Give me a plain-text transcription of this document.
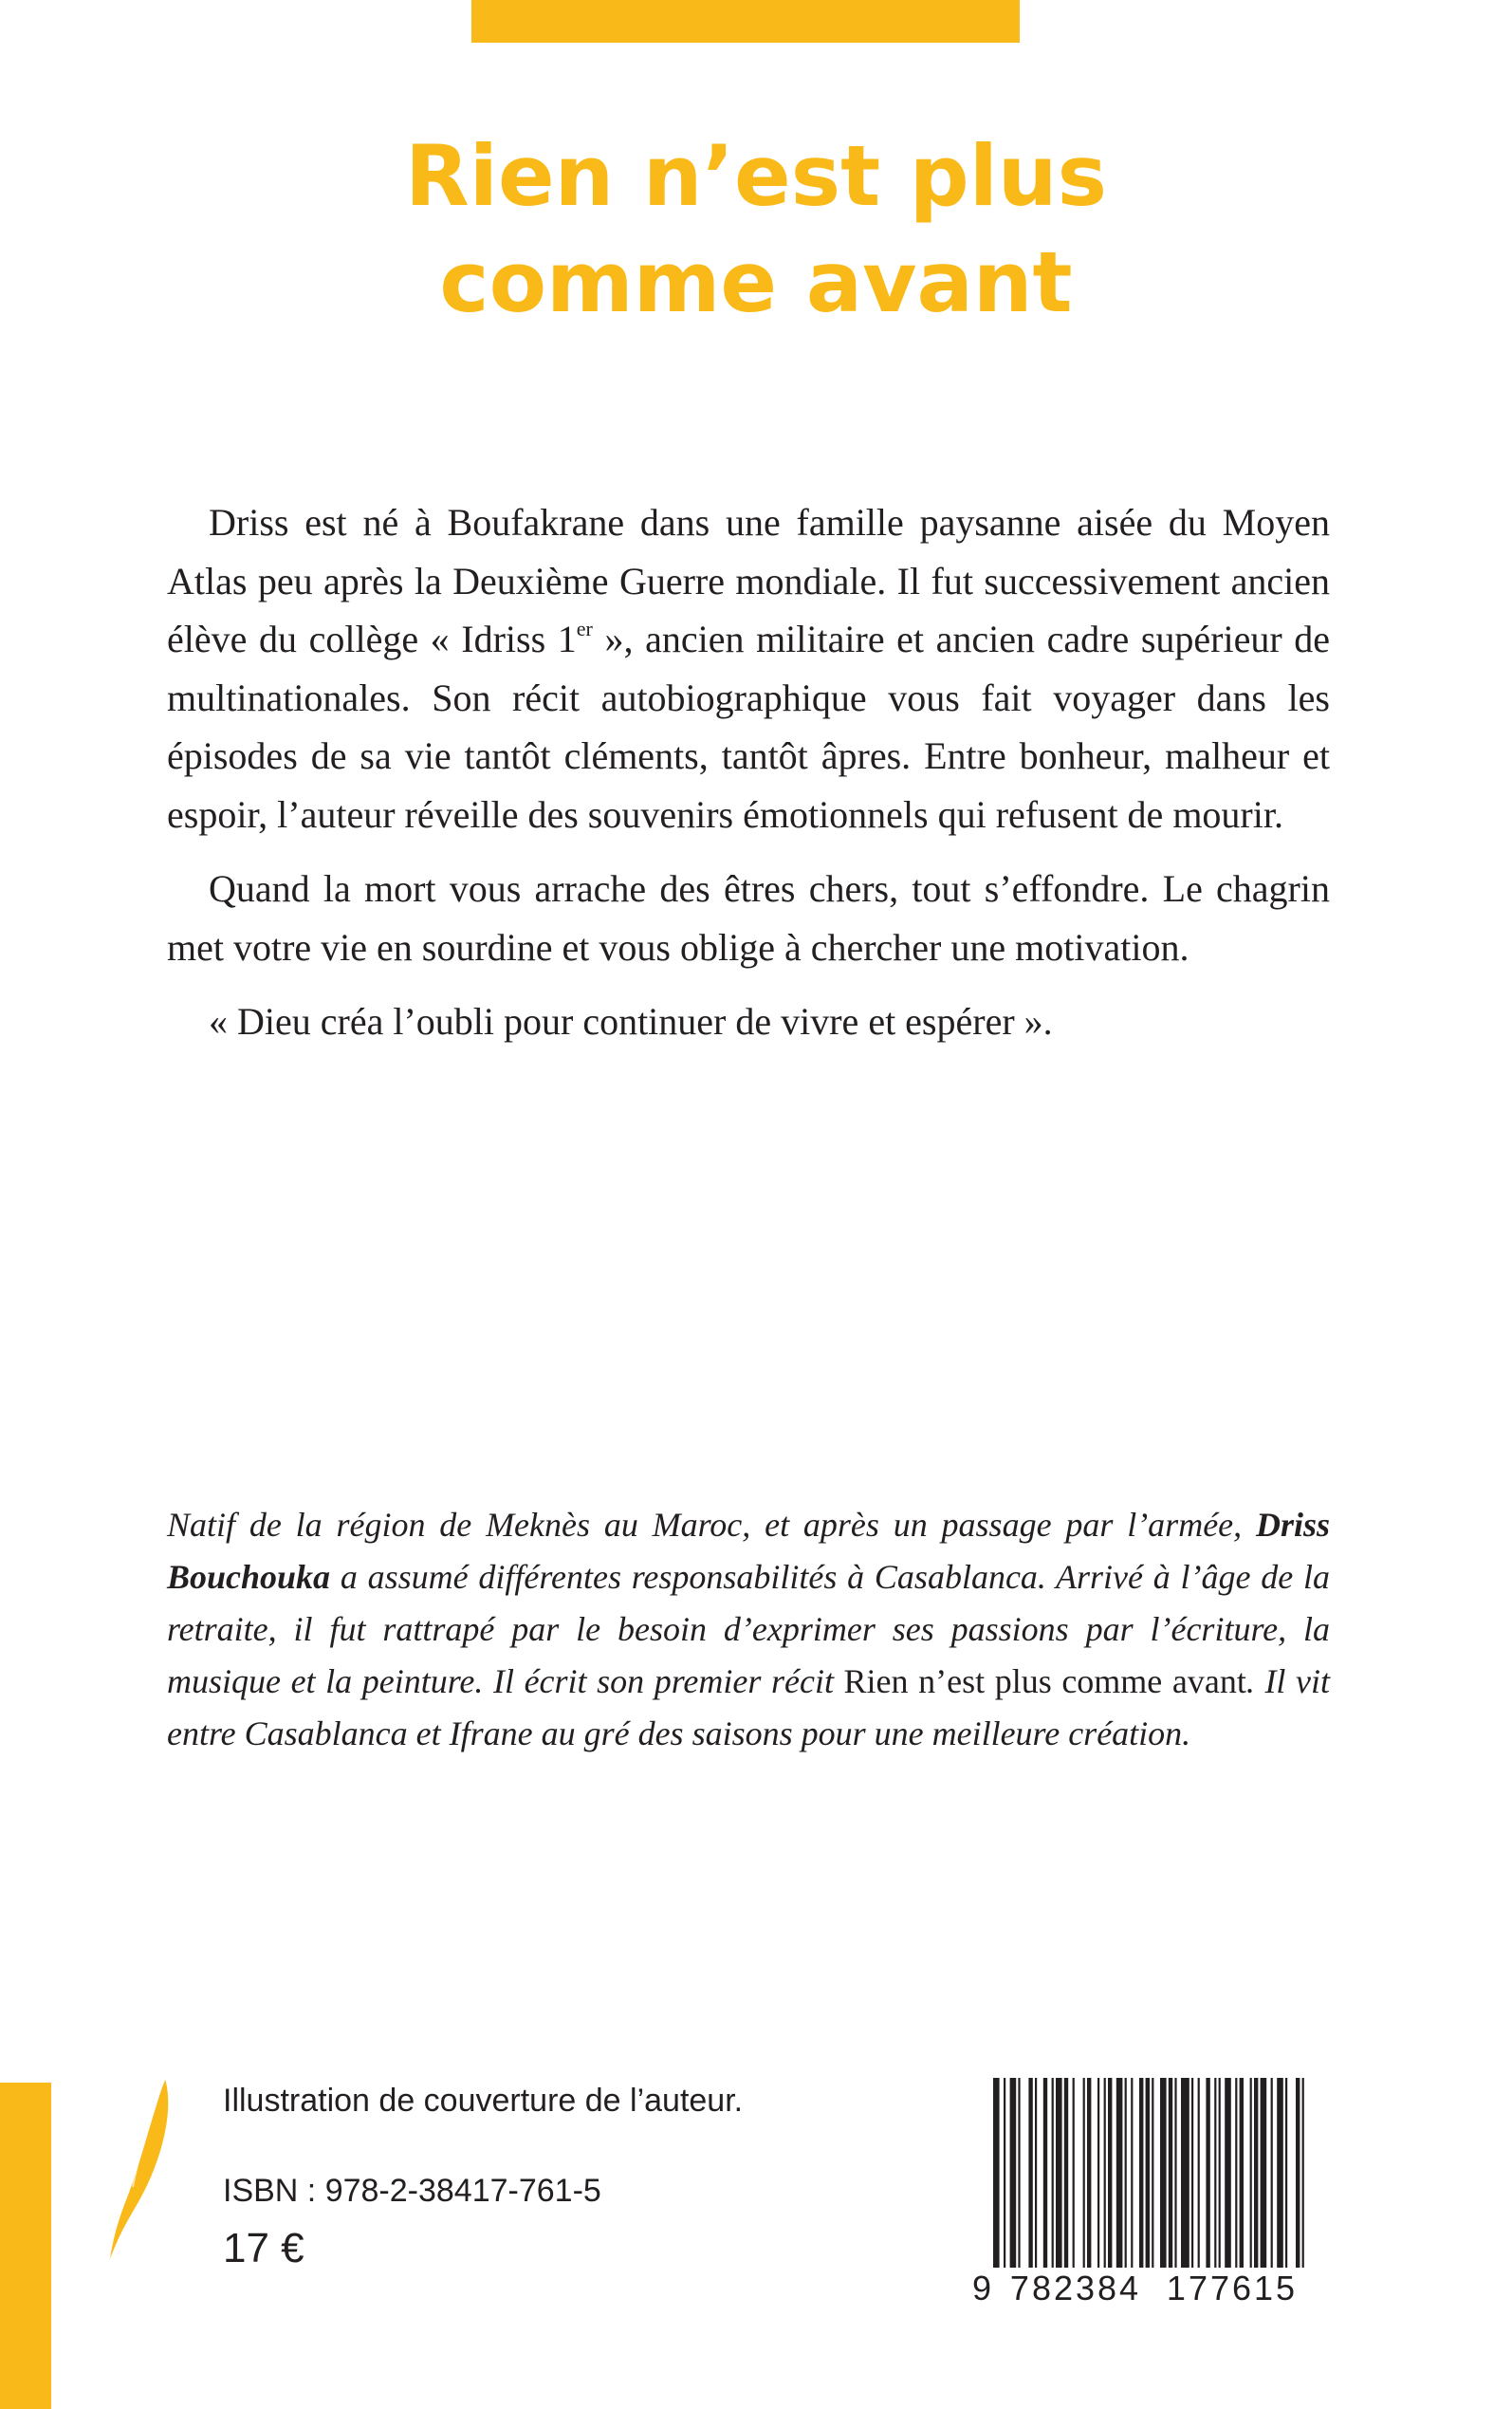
Rien n’est plus
comme avant

Driss est né à Boufakrane dans une famille paysanne aisée du Moyen Atlas peu après la Deuxième Guerre mondiale. Il fut successivement ancien élève du collège « Idriss 1er », ancien militaire et ancien cadre supérieur de multinationales. Son récit autobiographique vous fait voyager dans les épisodes de sa vie tantôt cléments, tantôt âpres. Entre bonheur, malheur et espoir, l’auteur réveille des souvenirs émotionnels qui refusent de mourir.

Quand la mort vous arrache des êtres chers, tout s’effondre. Le chagrin met votre vie en sourdine et vous oblige à chercher une motivation.

« Dieu créa l’oubli pour continuer de vivre et espérer ».

Natif de la région de Meknès au Maroc, et après un passage par l’armée, Driss Bouchouka a assumé différentes responsabilités à Casablanca. Arrivé à l’âge de la retraite, il fut rattrapé par le besoin d’exprimer ses passions par l’écriture, la musique et la peinture. Il écrit son premier récit Rien n’est plus comme avant. Il vit entre Casablanca et Ifrane au gré des saisons pour une meilleure création.

Illustration de couverture de l’auteur.
ISBN : 978-2-38417-761-5
17 €
9 782384 177615
